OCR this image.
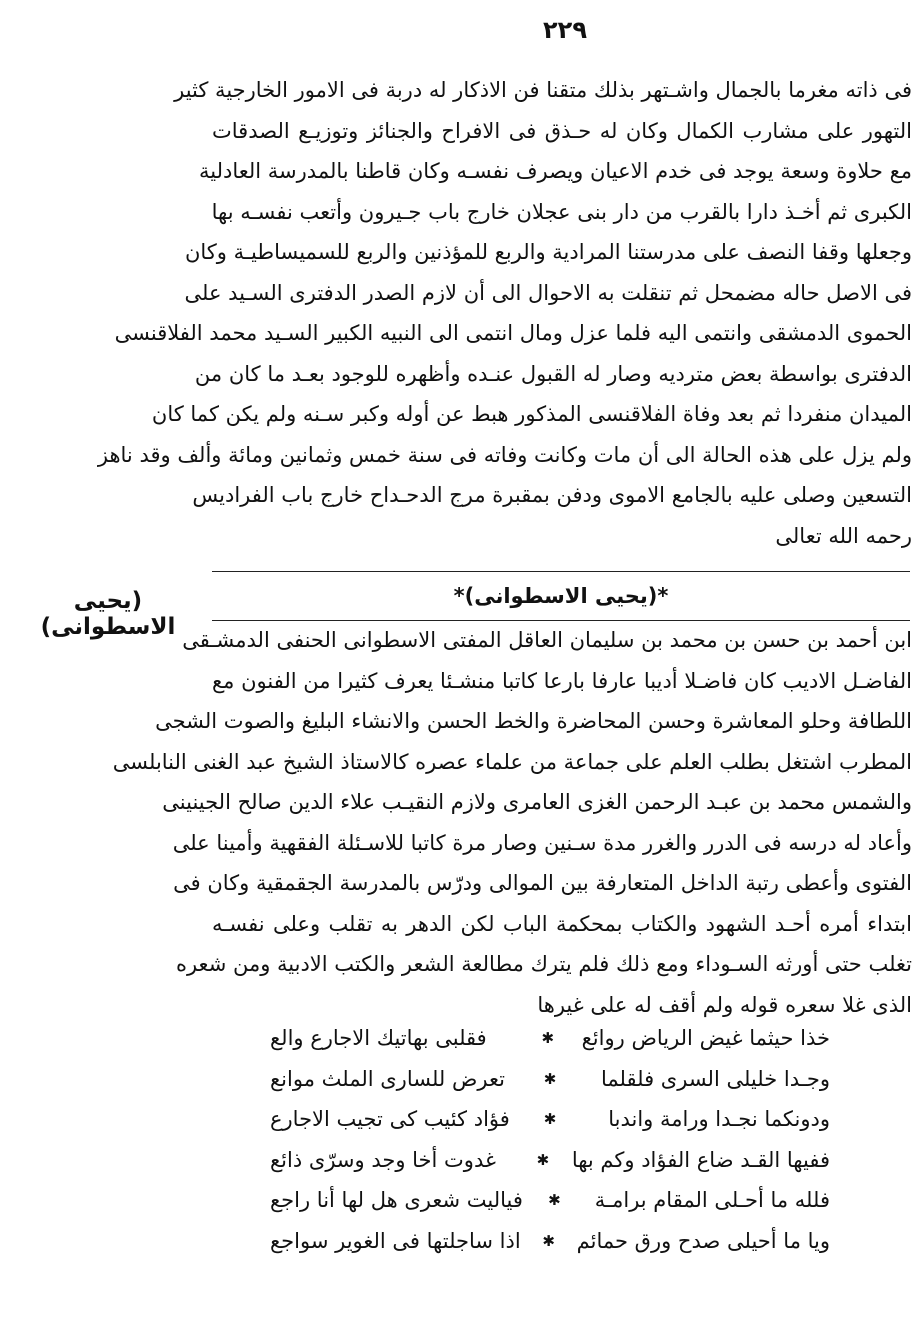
٢٢٩
فى ذاته مغرما بالجمال واشـتهر بذلك متقنا فن الاذكار له دربة فى الامور الخارجية كثير
التهور على مشارب الكمال وكان له حـذق فى الافراح والجنائز وتوزيـع الصدقات
مع حلاوة وسعة يوجد فى خدم الاعيان ويصرف نفسـه وكان قاطنا بالمدرسة العادلية
الكبرى ثم أخـذ دارا بالقرب من دار بنى عجلان خارج باب جـيرون وأتعب نفسـه بها
وجعلها وقفا النصف على مدرستنا المرادية والربع للمؤذنين والربع للسميساطيـة وكان
فى الاصل حاله مضمحل ثم تنقلت به الاحوال الى أن لازم الصدر الدفترى السـيد على
الحموى الدمشقى وانتمى اليه فلما عزل ومال انتمى الى النبيه الكبير السـيد محمد الفلاقنسى
الدفترى بواسطة بعض مترديه وصار له القبول عنـده وأظهره للوجود بعـد ما كان من
الميدان منفردا ثم بعد وفاة الفلاقنسى المذكور هبط عن أوله وكبر سـنه ولم يكن كما كان
ولم يزل على هذه الحالة الى أن مات وكانت وفاته فى سنة خمس وثمانين ومائة وألف وقد ناهز
التسعين وصلى عليه بالجامع الاموى ودفن بمقبرة مرج الدحـداح خارج باب الفراديس
رحمه الله تعالى
*(يحيى الاسطوانى)*
(يحيى الاسطوانى) ابن أحمد بن حسن بن محمد بن سليمان العاقل المفتى الاسطوانى الحنفى الدمشـقى
الفاضـل الاديب كان فاضـلا أديبا عارفا بارعا كاتبا منشـئا يعرف كثيرا من الفنون مع
اللطافة وحلو المعاشرة وحسن المحاضرة والخط الحسن والانشاء البليغ والصوت الشجى
المطرب اشتغل بطلب العلم على جماعة من علماء عصره كالاستاذ الشيخ عبد الغنى النابلسى
والشمس محمد بن عبـد الرحمن الغزى العامرى ولازم النقيـب علاء الدين صالح الجينينى
وأعاد له درسه فى الدرر والغرر مدة سـنين وصار مرة كاتبا للاسـئلة الفقهية وأمينا على
الفتوى وأعطى رتبة الداخل المتعارفة بين الموالى ودرّس بالمدرسة الجقمقية وكان فى
ابتداء أمره أحـد الشهود والكتاب بمحكمة الباب لكن الدهر به تقلب وعلى نفسـه
تغلب حتى أورثه السـوداء ومع ذلك فلم يترك مطالعة الشعر والكتب الادبية ومن شعره
الذى غلا سعره قوله ولم أقف له على غيرها
خذا حيثما غيض الرياض روائع
✱
فقلبى بهاتيك الاجارع والع
وجـدا خليلى السرى فلقلما
✱
تعرض للسارى الملث موانع
ودونكما نجـدا ورامة واندبا
✱
فؤاد كئيب كى تجيب الاجارع
ففيها القـد ضاع الفؤاد وكم بها
✱
غدوت أخا وجد وسرّى ذائع
فلله ما أحـلى المقام برامـة
✱
فياليت شعرى هل لها أنا راجع
ويا ما أحيلى صدح ورق حمائم
✱
اذا ساجلتها فى الغوير سواجع
